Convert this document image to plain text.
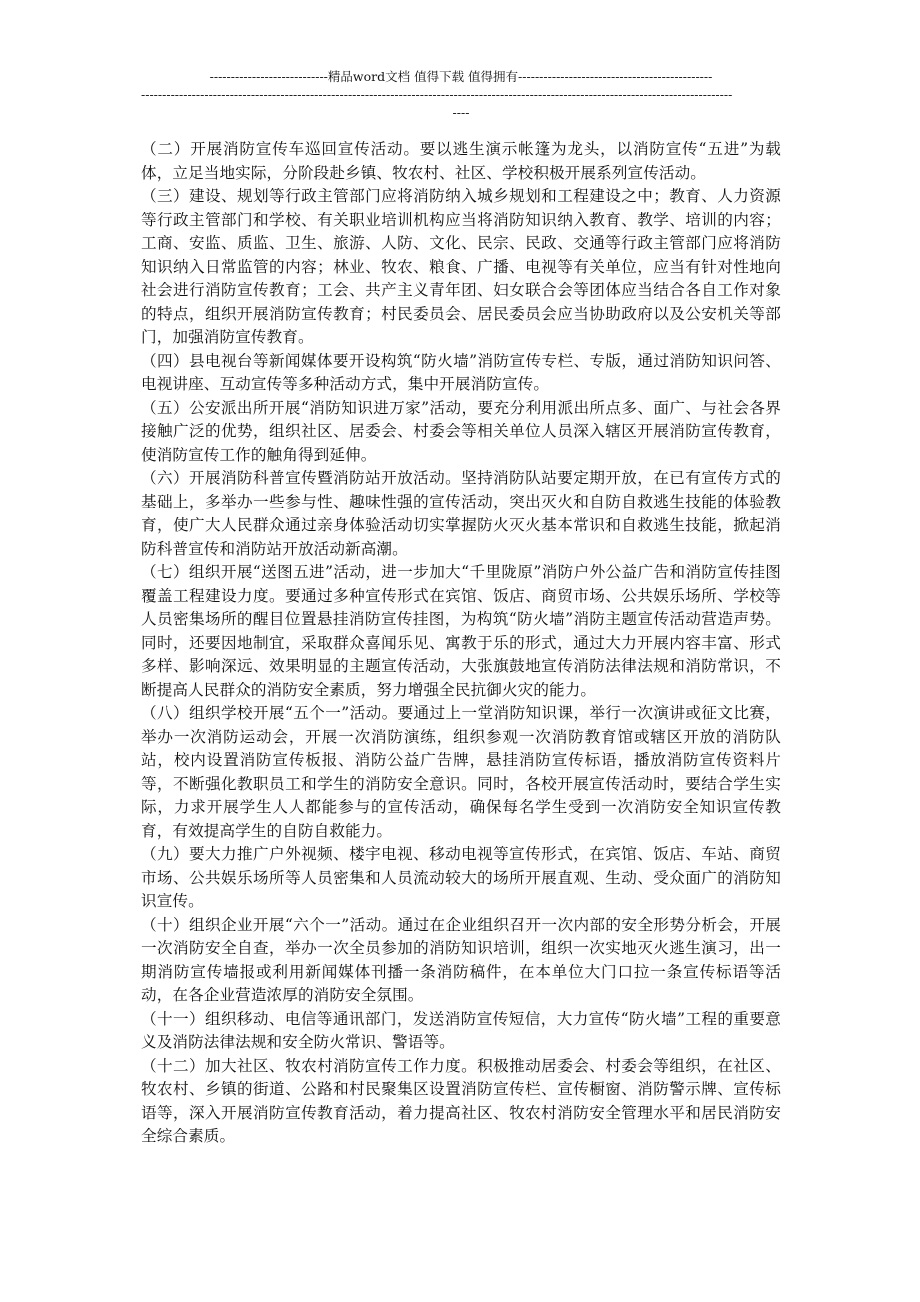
----------------------------精品word文档 值得下载 值得拥有----------------------------------------------
--------------------------------------------------------------------------------------------------------------------------------------------
----

（二）开展消防宣传车巡回宣传活动。要以逃生演示帐篷为龙头，以消防宣传“五进”为载体，立足当地实际，分阶段赴乡镇、牧农村、社区、学校积极开展系列宣传活动。

（三）建设、规划等行政主管部门应将消防纳入城乡规划和工程建设之中；教育、人力资源等行政主管部门和学校、有关职业培训机构应当将消防知识纳入教育、教学、培训的内容；工商、安监、质监、卫生、旅游、人防、文化、民宗、民政、交通等行政主管部门应将消防知识纳入日常监管的内容；林业、牧农、粮食、广播、电视等有关单位，应当有针对性地向社会进行消防宣传教育；工会、共产主义青年团、妇女联合会等团体应当结合各自工作对象的特点，组织开展消防宣传教育；村民委员会、居民委员会应当协助政府以及公安机关等部门，加强消防宣传教育。

（四）县电视台等新闻媒体要开设构筑“防火墙”消防宣传专栏、专版，通过消防知识问答、电视讲座、互动宣传等多种活动方式，集中开展消防宣传。

（五）公安派出所开展“消防知识进万家”活动，要充分利用派出所点多、面广、与社会各界接触广泛的优势，组织社区、居委会、村委会等相关单位人员深入辖区开展消防宣传教育，使消防宣传工作的触角得到延伸。

（六）开展消防科普宣传暨消防站开放活动。坚持消防队站要定期开放，在已有宣传方式的基础上，多举办一些参与性、趣味性强的宣传活动，突出灭火和自防自救逃生技能的体验教育，使广大人民群众通过亲身体验活动切实掌握防火灭火基本常识和自救逃生技能，掀起消防科普宣传和消防站开放活动新高潮。

（七）组织开展“送图五进”活动，进一步加大“千里陇原”消防户外公益广告和消防宣传挂图覆盖工程建设力度。要通过多种宣传形式在宾馆、饭店、商贸市场、公共娱乐场所、学校等人员密集场所的醒目位置悬挂消防宣传挂图，为构筑“防火墙”消防主题宣传活动营造声势。同时，还要因地制宜，采取群众喜闻乐见、寓教于乐的形式，通过大力开展内容丰富、形式多样、影响深远、效果明显的主题宣传活动，大张旗鼓地宣传消防法律法规和消防常识，不断提高人民群众的消防安全素质，努力增强全民抗御火灾的能力。

（八）组织学校开展“五个一”活动。要通过上一堂消防知识课，举行一次演讲或征文比赛，举办一次消防运动会，开展一次消防演练，组织参观一次消防教育馆或辖区开放的消防队站，校内设置消防宣传板报、消防公益广告牌，悬挂消防宣传标语，播放消防宣传资料片等，不断强化教职员工和学生的消防安全意识。同时，各校开展宣传活动时，要结合学生实际，力求开展学生人人都能参与的宣传活动，确保每名学生受到一次消防安全知识宣传教育，有效提高学生的自防自救能力。

（九）要大力推广户外视频、楼宇电视、移动电视等宣传形式，在宾馆、饭店、车站、商贸市场、公共娱乐场所等人员密集和人员流动较大的场所开展直观、生动、受众面广的消防知识宣传。

（十）组织企业开展“六个一”活动。通过在企业组织召开一次内部的安全形势分析会，开展一次消防安全自查，举办一次全员参加的消防知识培训，组织一次实地灭火逃生演习，出一期消防宣传墙报或利用新闻媒体刊播一条消防稿件，在本单位大门口拉一条宣传标语等活动，在各企业营造浓厚的消防安全氛围。

（十一）组织移动、电信等通讯部门，发送消防宣传短信，大力宣传“防火墙”工程的重要意义及消防法律法规和安全防火常识、警语等。

（十二）加大社区、牧农村消防宣传工作力度。积极推动居委会、村委会等组织，在社区、牧农村、乡镇的街道、公路和村民聚集区设置消防宣传栏、宣传橱窗、消防警示牌、宣传标语等，深入开展消防宣传教育活动，着力提高社区、牧农村消防安全管理水平和居民消防安全综合素质。
